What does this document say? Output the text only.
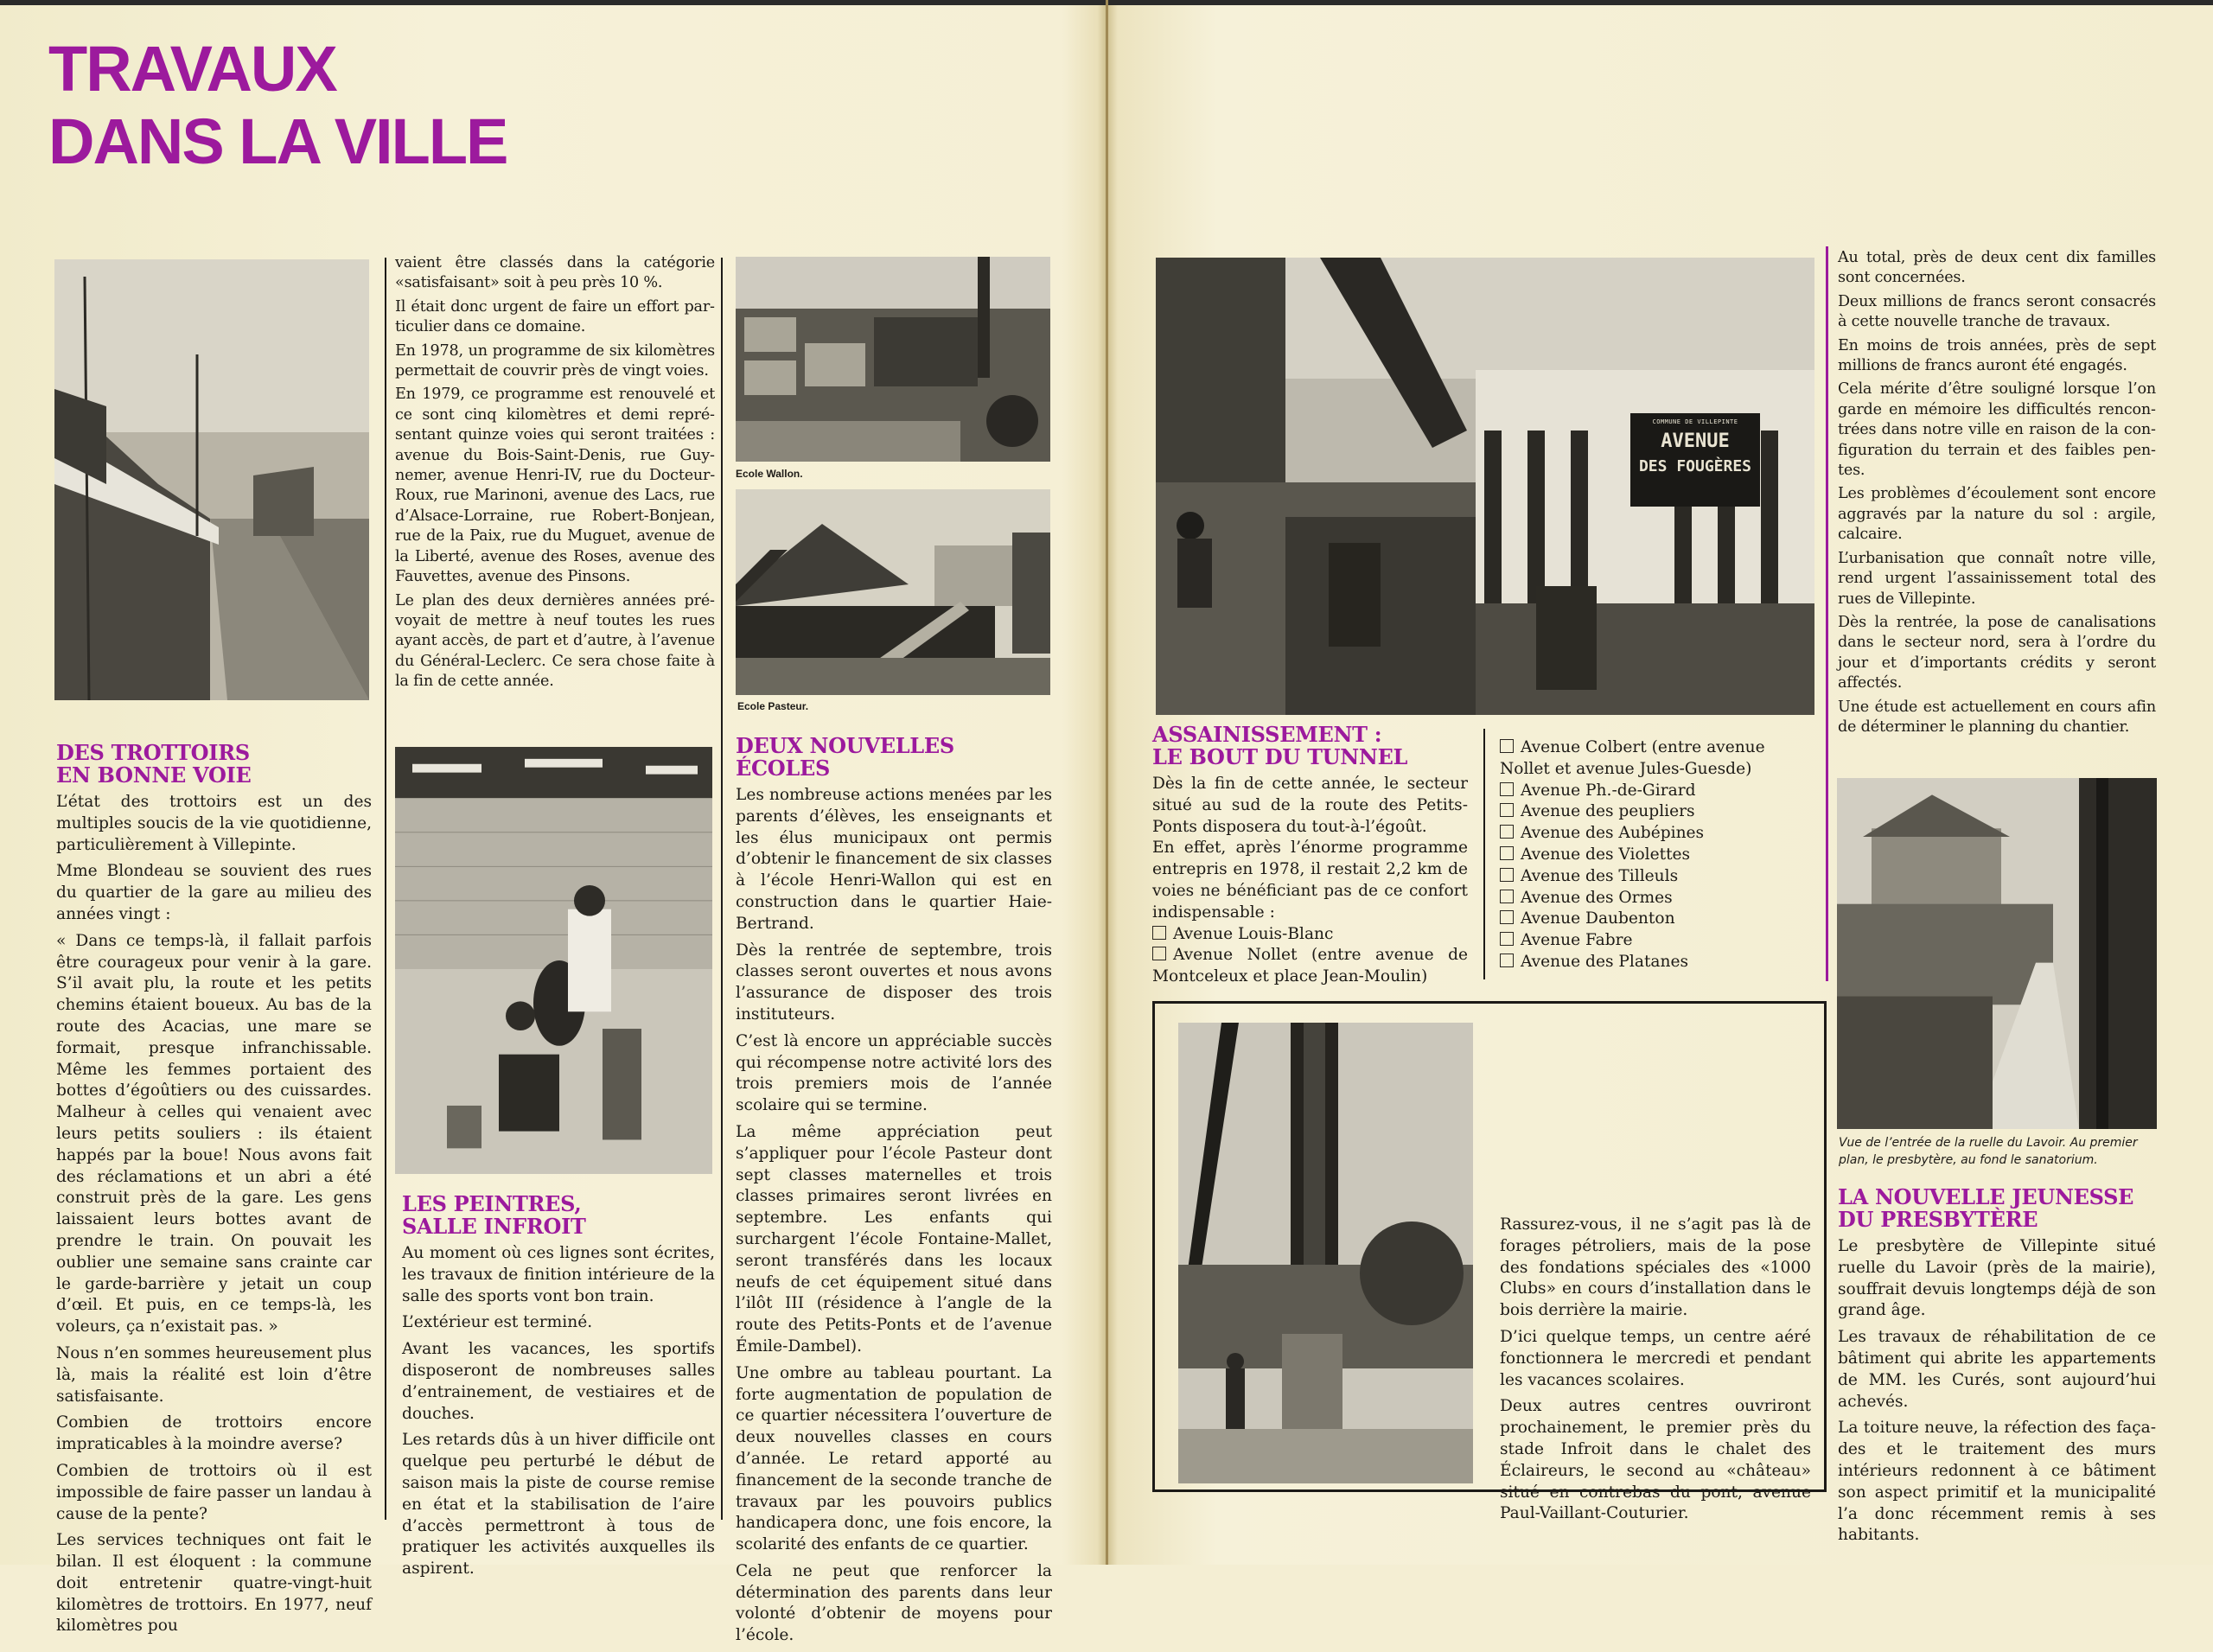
TRAVAUX
DANS LA VILLE
DES TROTTOIRS
EN BONNE VOIE

L’état des trottoirs est un des multiples soucis de la vie quotidienne, particulièrement à Villepinte.

Mme Blondeau se souvient des rues du quartier de la gare au milieu des années vingt :

« Dans ce temps-là, il fallait parfois être courageux pour venir à la gare. S’il avait plu, la route et les petits chemins étaient boueux. Au bas de la route des Acacias, une mare se formait, presque infranchissable. Même les femmes portaient des bottes d’égoûtiers ou des cuissardes. Malheur à celles qui venaient avec leurs petits souliers : ils étaient happés par la boue! Nous avons fait des réclamations et un abri a été construit près de la gare. Les gens laissaient leurs bottes avant de prendre le train. On pouvait les oublier une semaine sans crainte car le garde-barrière y jetait un coup d’œil. Et puis, en ce temps-là, les voleurs, ça n’existait pas. »

Nous n’en sommes heureusement plus là, mais la réalité est loin d’être satisfaisante.

Combien de trottoirs encore impraticables à la moindre averse?

Combien de trottoirs où il est impossible de faire passer un landau à cause de la pente?

Les services techniques ont fait le bilan. Il est éloquent : la commune doit entretenir quatre-vingt-huit kilomètres de trottoirs. En 1977, neuf kilomètres pou

vaient être classés dans la catégorie «satisfaisant» soit à peu près 10 %.

Il était donc urgent de faire un effort particulier dans ce domaine.

En 1978, un programme de six kilomètres permettait de couvrir près de vingt voies.

En 1979, ce programme est renouvelé et ce sont cinq kilomètres et demi représentant quinze voies qui seront traitées : avenue du Bois-Saint-Denis, rue Guynemer, avenue Henri-IV, rue du Docteur-Roux, rue Marinoni, avenue des Lacs, rue d’Alsace-Lorraine, rue Robert-Bonjean, rue de la Paix, rue du Muguet, avenue de la Liberté, avenue des Roses, avenue des Fauvettes, avenue des Pinsons.

Le plan des deux dernières années prévoyait de mettre à neuf toutes les rues ayant accès, de part et d’autre, à l’avenue du Général-Leclerc. Ce sera chose faite à la fin de cette année.

LES PEINTRES,
SALLE INFROIT

Au moment où ces lignes sont écrites, les travaux de finition intérieure de la salle des sports vont bon train.

L’extérieur est terminé.

Avant les vacances, les sportifs disposeront de nombreuses salles d’entrainement, de vestiaires et de douches.

Les retards dûs à un hiver difficile ont quelque peu perturbé le début de saison mais la piste de course remise en état et la stabilisation de l’aire d’accès permettront à tous de pratiquer les activités auxquelles ils aspirent.

Ecole Wallon.
Ecole Pasteur.
DEUX NOUVELLES
ÉCOLES

Les nombreuse actions menées par les parents d’élèves, les enseignants et les élus municipaux ont permis d’obtenir le financement de six classes à l’école Henri-Wallon qui est en construction dans le quartier Haie-Bertrand.

Dès la rentrée de septembre, trois classes seront ouvertes et nous avons l’assurance de disposer des trois instituteurs.

C’est là encore un appréciable succès qui récompense notre activité lors des trois premiers mois de l’année scolaire qui se termine.

La même appréciation peut s’appliquer pour l’école Pasteur dont sept classes maternelles et trois classes primaires seront livrées en septembre. Les enfants qui surchargent l’école Fontaine-Mallet, seront transférés dans les locaux neufs de cet équipement situé dans l’ilôt III (résidence à l’angle de la route des Petits-Ponts et de l’avenue Émile-Dambel).

Une ombre au tableau pourtant. La forte augmentation de population de ce quartier nécessitera l’ouverture de deux nouvelles classes en cours d’année. Le retard apporté au financement de la seconde tranche de travaux par les pouvoirs publics handicapera donc, une fois encore, la scolarité des enfants de ce quartier.

Cela ne peut que renforcer la détermination des parents dans leur volonté d’obtenir de moyens pour l’école.

COMMUNE DE VILLEPINTE
AVENUE
DES FOUGÈRES
ASSAINISSEMENT :
LE BOUT DU TUNNEL

Dès la fin de cette année, le secteur situé au sud de la route des Petits-Ponts disposera du tout-à-l’égoût.

En effet, après l’énorme programme entrepris en 1978, il restait 2,2 km de voies ne bénéficiant pas de ce confort indispensable :

Avenue Louis-Blanc
Avenue Nollet (entre avenue de Montceleux et place Jean-Moulin)
Avenue Colbert (entre avenue Nollet et avenue Jules-Guesde)
Avenue Ph.-de-Girard
Avenue des peupliers
Avenue des Aubépines
Avenue des Violettes
Avenue des Tilleuls
Avenue des Ormes
Avenue Daubenton
Avenue Fabre
Avenue des Platanes

Au total, près de deux cent dix familles sont concernées.

Deux millions de francs seront consacrés à cette nouvelle tranche de travaux.

En moins de trois années, près de sept millions de francs auront été engagés.

Cela mérite d’être souligné lorsque l’on garde en mémoire les difficultés rencontrées dans notre ville en raison de la configuration du terrain et des faibles pentes.

Les problèmes d’écoulement sont encore aggravés par la nature du sol : argile, calcaire.

L’urbanisation que connaît notre ville, rend urgent l’assainissement total des rues de Villepinte.

Dès la rentrée, la pose de canalisations dans le secteur nord, sera à l’ordre du jour et d’importants crédits y seront affectés.

Une étude est actuellement en cours afin de déterminer le planning du chantier.

Vue de l’entrée de la ruelle du Lavoir. Au premier plan, le presbytère, au fond le sanatorium.
LA NOUVELLE JEUNESSE
DU PRESBYTÈRE

Le presbytère de Villepinte situé ruelle du Lavoir (près de la mairie), souffrait devuis longtemps déjà de son grand âge.

Les travaux de réhabilitation de ce bâtiment qui abrite les appartements de MM. les Curés, sont aujourd’hui achevés.

La toiture neuve, la réfection des façades et le traitement des murs intérieurs redonnent à ce bâtiment son aspect primitif et la municipalité l’a donc récemment remis à ses habitants.

Rassurez-vous, il ne s’agit pas là de forages pétroliers, mais de la pose des fondations spéciales des «1000 Clubs» en cours d’installation dans le bois derrière la mairie.

D’ici quelque temps, un centre aéré fonctionnera le mercredi et pendant les vacances scolaires.

Deux autres centres ouvriront prochainement, le premier près du stade Infroit dans le chalet des Éclaireurs, le second au «château» situé en contrebas du pont, avenue Paul-Vaillant-Couturier.
